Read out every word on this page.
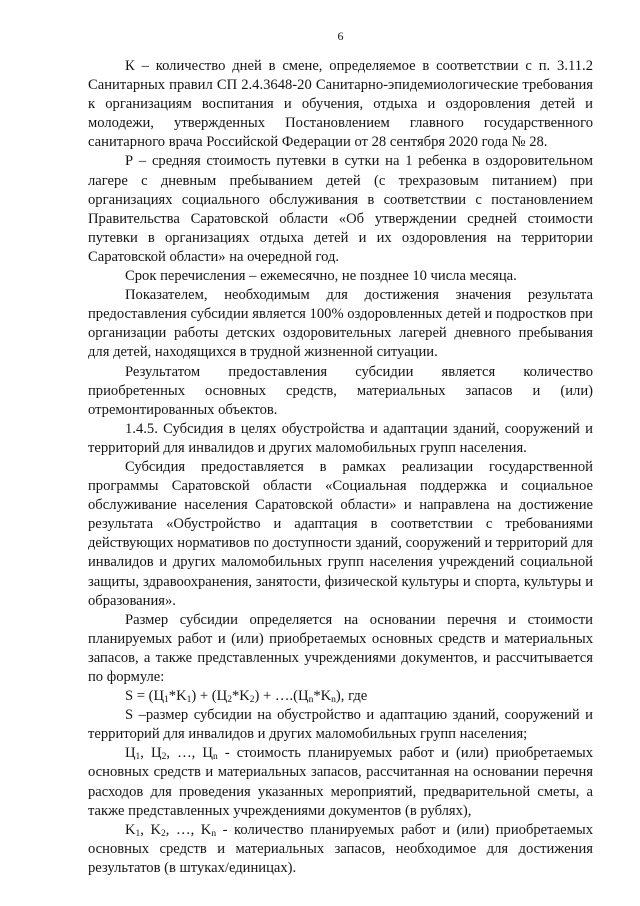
6

К – количество дней в смене, определяемое в соответствии с п. 3.11.2 Санитарных правил СП 2.4.3648-20 Санитарно-эпидемиологические требования к организациям воспитания и обучения, отдыха и оздоровления детей и молодежи, утвержденных Постановлением главного государственного санитарного врача Российской Федерации от 28 сентября 2020 года № 28.

Р – средняя стоимость путевки в сутки на 1 ребенка в оздоровительном лагере с дневным пребыванием детей (с трехразовым питанием) при организациях социального обслуживания в соответствии с постановлением Правительства Саратовской области «Об утверждении средней стоимости путевки в организациях отдыха детей и их оздоровления на территории Саратовской области» на очередной год.

Срок перечисления – ежемесячно, не позднее 10 числа месяца.

Показателем, необходимым для достижения значения результата предоставления субсидии является 100% оздоровленных детей и подростков при организации работы детских оздоровительных лагерей дневного пребывания для детей, находящихся в трудной жизненной ситуации.

Результатом предоставления субсидии является количество приобретенных основных средств, материальных запасов и (или) отремонтированных объектов.

1.4.5. Субсидия в целях обустройства и адаптации зданий, сооружений и территорий для инвалидов и других маломобильных групп населения.

Субсидия предоставляется в рамках реализации государственной программы Саратовской области «Социальная поддержка и социальное обслуживание населения Саратовской области» и направлена на достижение результата «Обустройство и адаптация в соответствии с требованиями действующих нормативов по доступности зданий, сооружений и территорий для инвалидов и других маломобильных групп населения учреждений социальной защиты, здравоохранения, занятости, физической культуры и спорта, культуры и образования».

Размер субсидии определяется на основании перечня и стоимости планируемых работ и (или) приобретаемых основных средств и материальных запасов, а также представленных учреждениями документов, и рассчитывается по формуле:

$S = (Ц_1*K_1) + (Ц_2*K_2)$ + $\dots.(Ц_n*K_n)$, где

S –размер субсидии на обустройство и адаптацию зданий, сооружений и территорий для инвалидов и других маломобильных групп населения;

$Ц_1$, $Ц_2$, …, $Ц_n$ - стоимость планируемых работ и (или) приобретаемых основных средств и материальных запасов, рассчитанная на основании перечня расходов для проведения указанных мероприятий, предварительной сметы, а также представленных учреждениями документов (в рублях),

$K_1$, $K_2$, …, $K_n$ - количество планируемых работ и (или) приобретаемых основных средств и материальных запасов, необходимое для достижения результатов (в штуках/единицах).
